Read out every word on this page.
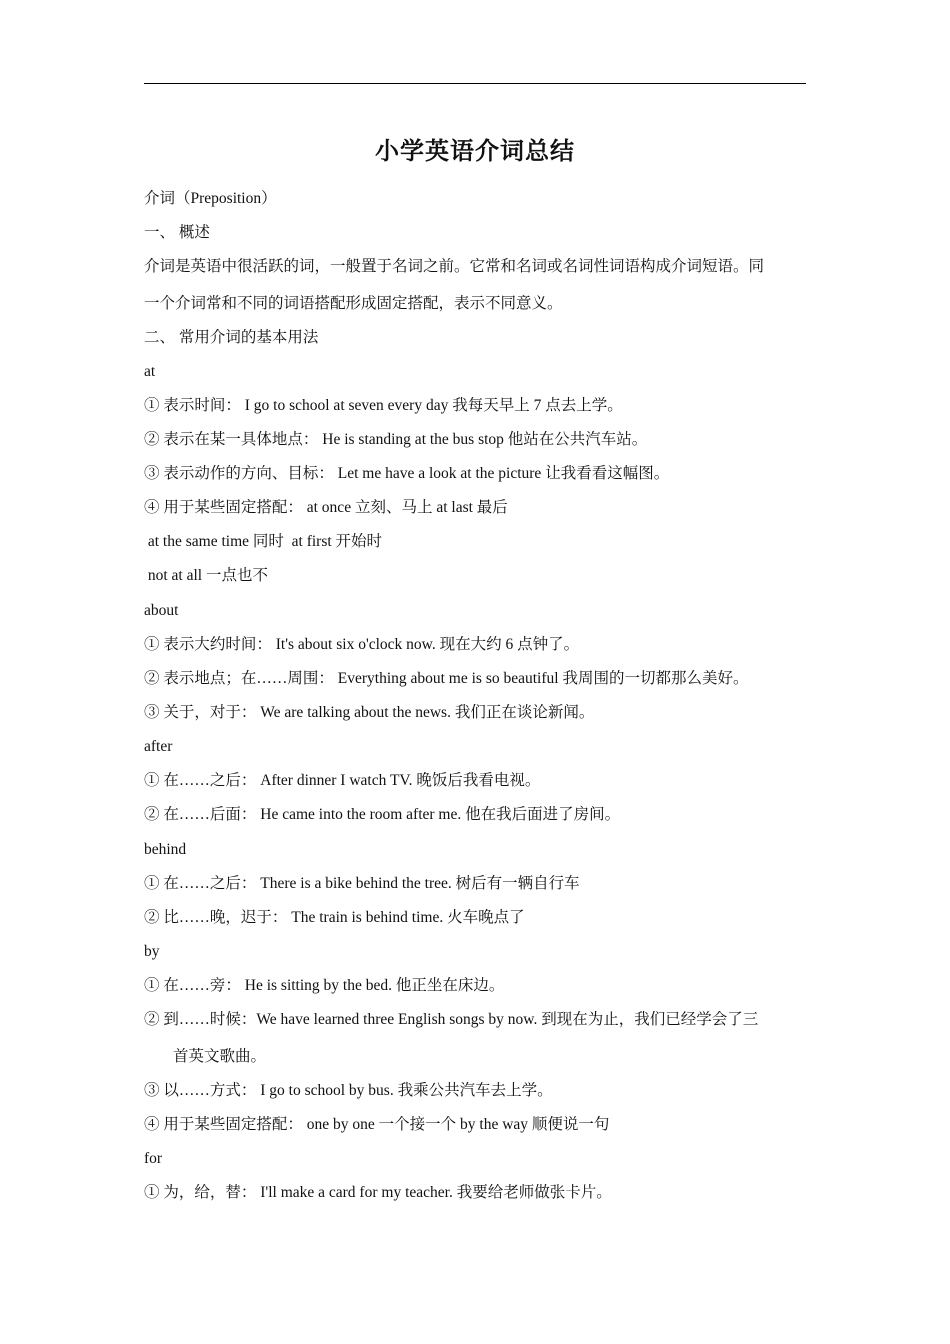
小学英语介词总结
介词（Preposition）
一、 概述
介词是英语中很活跃的词，一般置于名词之前。它常和名词或名词性词语构成介词短语。同
一个介词常和不同的词语搭配形成固定搭配，表示不同意义。
二、 常用介词的基本用法
at
① 表示时间： I go to school at seven every day 我每天早上 7 点去上学。
② 表示在某一具体地点： He is standing at the bus stop 他站在公共汽车站。
③ 表示动作的方向、目标： Let me have a look at the picture 让我看看这幅图。
④ 用于某些固定搭配： at once 立刻、马上 at last 最后
at the same time 同时  at first 开始时
not at all 一点也不
about
① 表示大约时间： It's about six o'clock now. 现在大约 6 点钟了。
② 表示地点；在……周围： Everything about me is so beautiful 我周围的一切都那么美好。
③ 关于，对于： We are talking about the news. 我们正在谈论新闻。
after
① 在……之后： After dinner I watch TV. 晚饭后我看电视。
② 在……后面： He came into the room after me. 他在我后面进了房间。
behind
① 在……之后： There is a bike behind the tree. 树后有一辆自行车
② 比……晚，迟于： The train is behind time. 火车晚点了
by
① 在……旁： He is sitting by the bed. 他正坐在床边。
② 到……时候：We have learned three English songs by now. 到现在为止，我们已经学会了三
首英文歌曲。
③ 以……方式： I go to school by bus. 我乘公共汽车去上学。
④ 用于某些固定搭配： one by one 一个接一个 by the way 顺便说一句
for
① 为，给，替： I'll make a card for my teacher. 我要给老师做张卡片。
